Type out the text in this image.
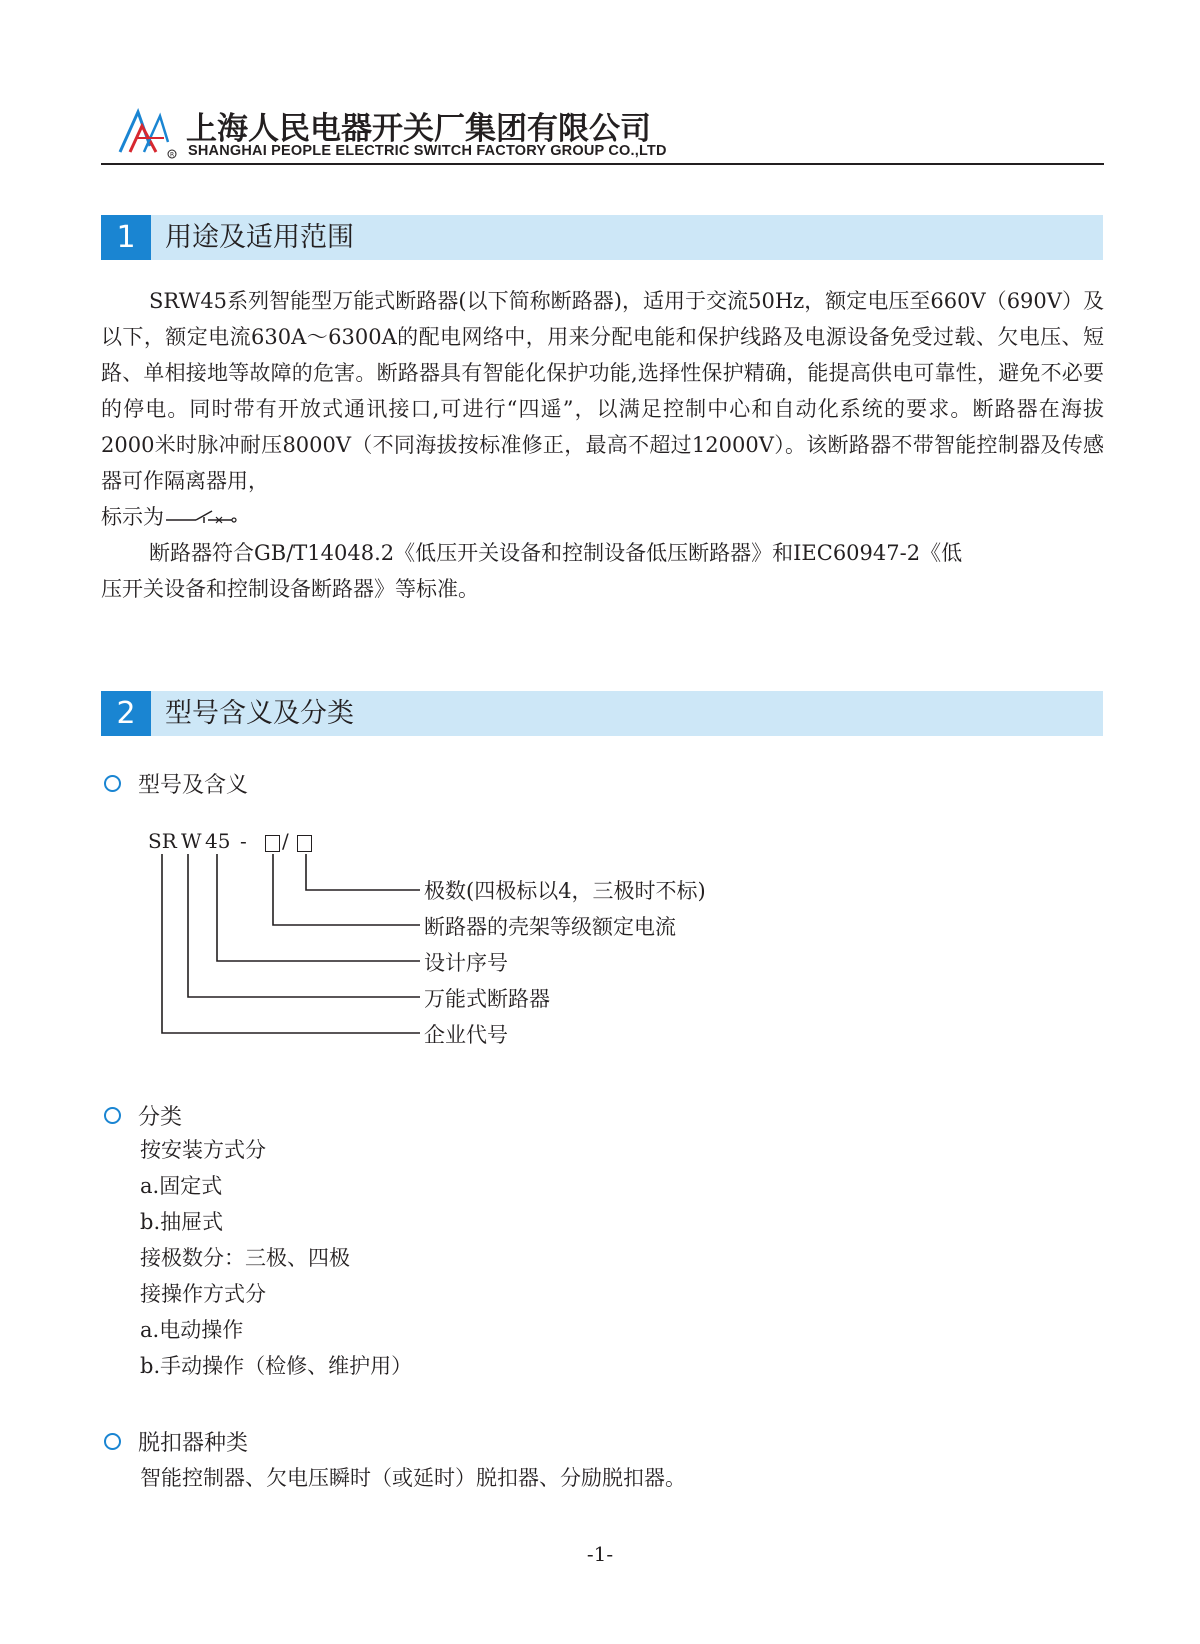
R
上海人民电器开关厂集团有限公司
SHANGHAI PEOPLE ELECTRIC SWITCH FACTORY GROUP CO.,LTD
1	用途及适用范围
SRW45系列智能型万能式断路器(以下简称断路器)，适用于交流50Hz，额定电压至660V（690V）及以下，额定电流630A～6300A的配电网络中，用来分配电能和保护线路及电源设备免受过载、欠电压、短路、单相接地等故障的危害。断路器具有智能化保护功能,选择性保护精确，能提高供电可靠性，避免不必要的停电。同时带有开放式通讯接口,可进行“四遥”，以满足控制中心和自动化系统的要求。断路器在海拔2000米时脉冲耐压8000V（不同海拔按标准修正，最高不超过12000V）。该断路器不带智能控制器及传感器可作隔离器用，
标示为
断路器符合GB/T14048.2《低压开关设备和控制设备低压断路器》和IEC60947-2《低
压开关设备和控制设备断路器》等标准。
2	型号含义及分类
型号及含义
SR W 45 - /
极数(四极标以4，三极时不标)
断路器的壳架等级额定电流
设计序号
万能式断路器
企业代号
分类
按安装方式分
a.固定式
b.抽屉式
接极数分：三极、四极
接操作方式分
a.电动操作
b.手动操作（检修、维护用）
脱扣器种类
智能控制器、欠电压瞬时（或延时）脱扣器、分励脱扣器。
-1-
